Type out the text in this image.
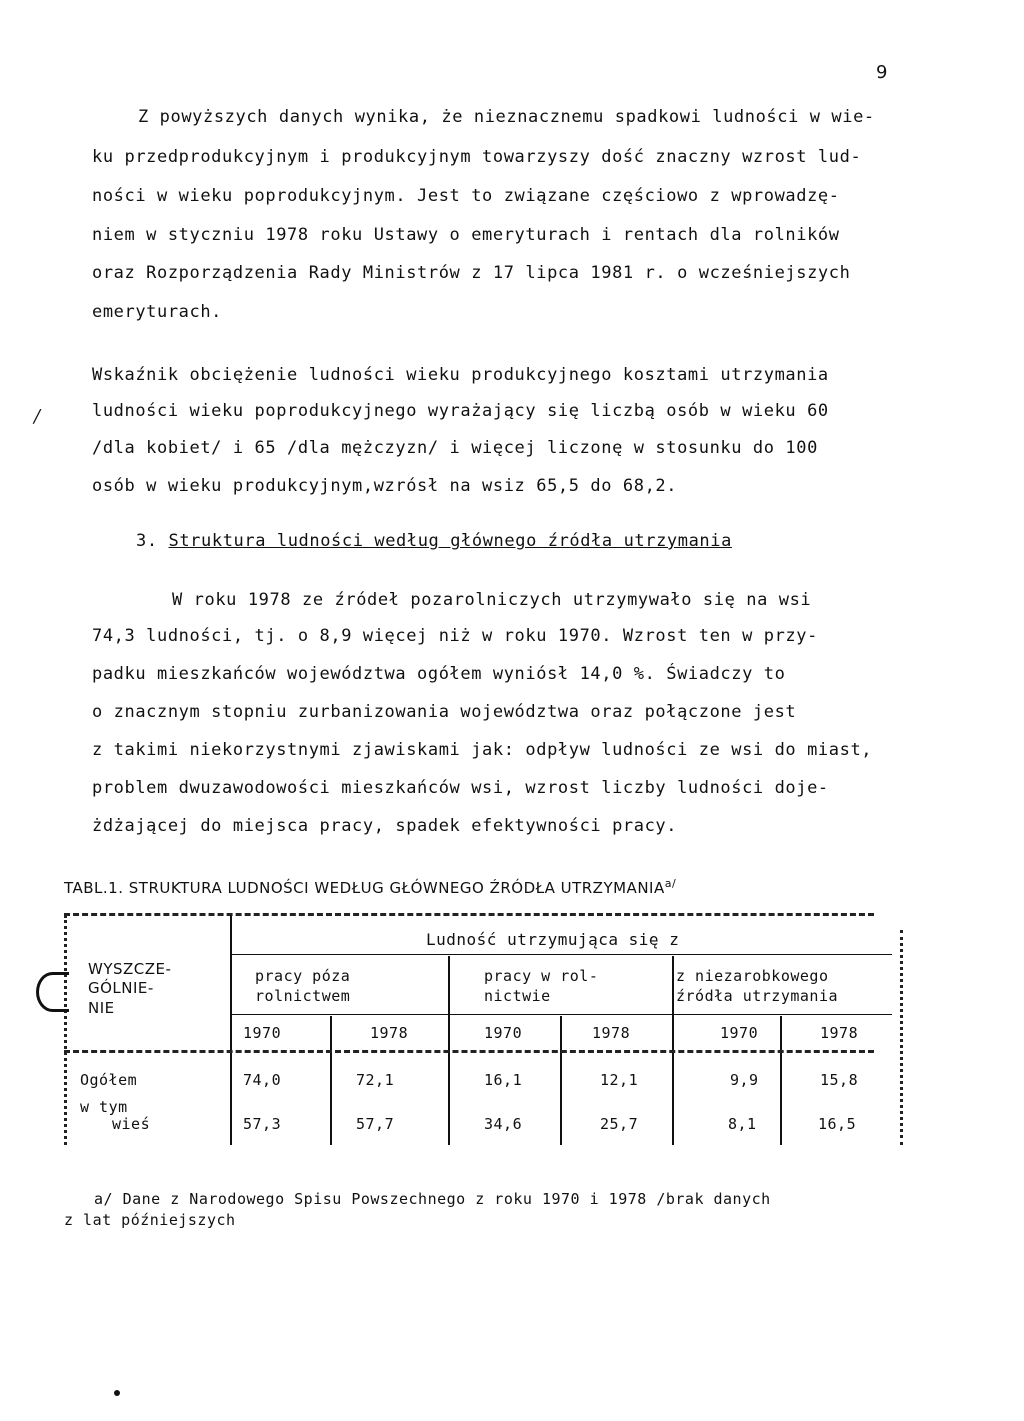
9
Z powyższych danych wynika, że nieznacznemu spadkowi ludności w wie-
ku przedprodukcyjnym i produkcyjnym towarzyszy dość znaczny wzrost lud-
ności w wieku poprodukcyjnym. Jest to związane częściowo z wprowadzę-
niem w styczniu 1978 roku Ustawy o emeryturach i rentach dla rolników
oraz Rozporządzenia Rady Ministrów z 17 lipca 1981 r. o wcześniejszych
emeryturach.
/
Wskaźnik obciężenie ludności wieku produkcyjnego kosztami utrzymania
ludności wieku poprodukcyjnego wyrażający się liczbą osób w wieku 60
/dla kobiet/ i 65 /dla mężczyzn/ i więcej liczonę w stosunku do 100
osób w wieku produkcyjnym,wzrósł na wsiz 65,5 do 68,2.
3. Struktura ludności według głównego źródła utrzymania
W roku 1978 ze źródeł pozarolniczych utrzymywało się na wsi
74,3 ludności, tj. o 8,9 więcej niż w roku 1970. Wzrost ten w przy-
padku mieszkańców województwa ogółem wyniósł 14,0 %. Świadczy to
o znacznym stopniu zurbanizowania województwa oraz połączone jest
z takimi niekorzystnymi zjawiskami jak: odpływ ludności ze wsi do miast,
problem dwuzawodowości mieszkańców wsi, wzrost liczby ludności doje-
żdżającej do miejsca pracy, spadek efektywności pracy.
TABL.1. STRUKTURA LUDNOŚCI WEDŁUG GŁÓWNEGO ŹRÓDŁA $UTRZYMANIA^{a/}$
WYSZCZE-
GÓLNIE-
NIE
Ludność utrzymująca się z
pracy póza
rolnictwem
pracy w rol-
nictwie
z niezarobkowego
źródła utrzymania
1970	1978	1970	1978	1970	1978
Ogółem	74,0	72,1	16,1	12,1	9,9	15,8
w tym
wieś	57,3	57,7	34,6	25,7	8,1	16,5
a/ Dane z Narodowego Spisu Powszechnego z roku 1970 i 1978 /brak danych
z lat późniejszych
